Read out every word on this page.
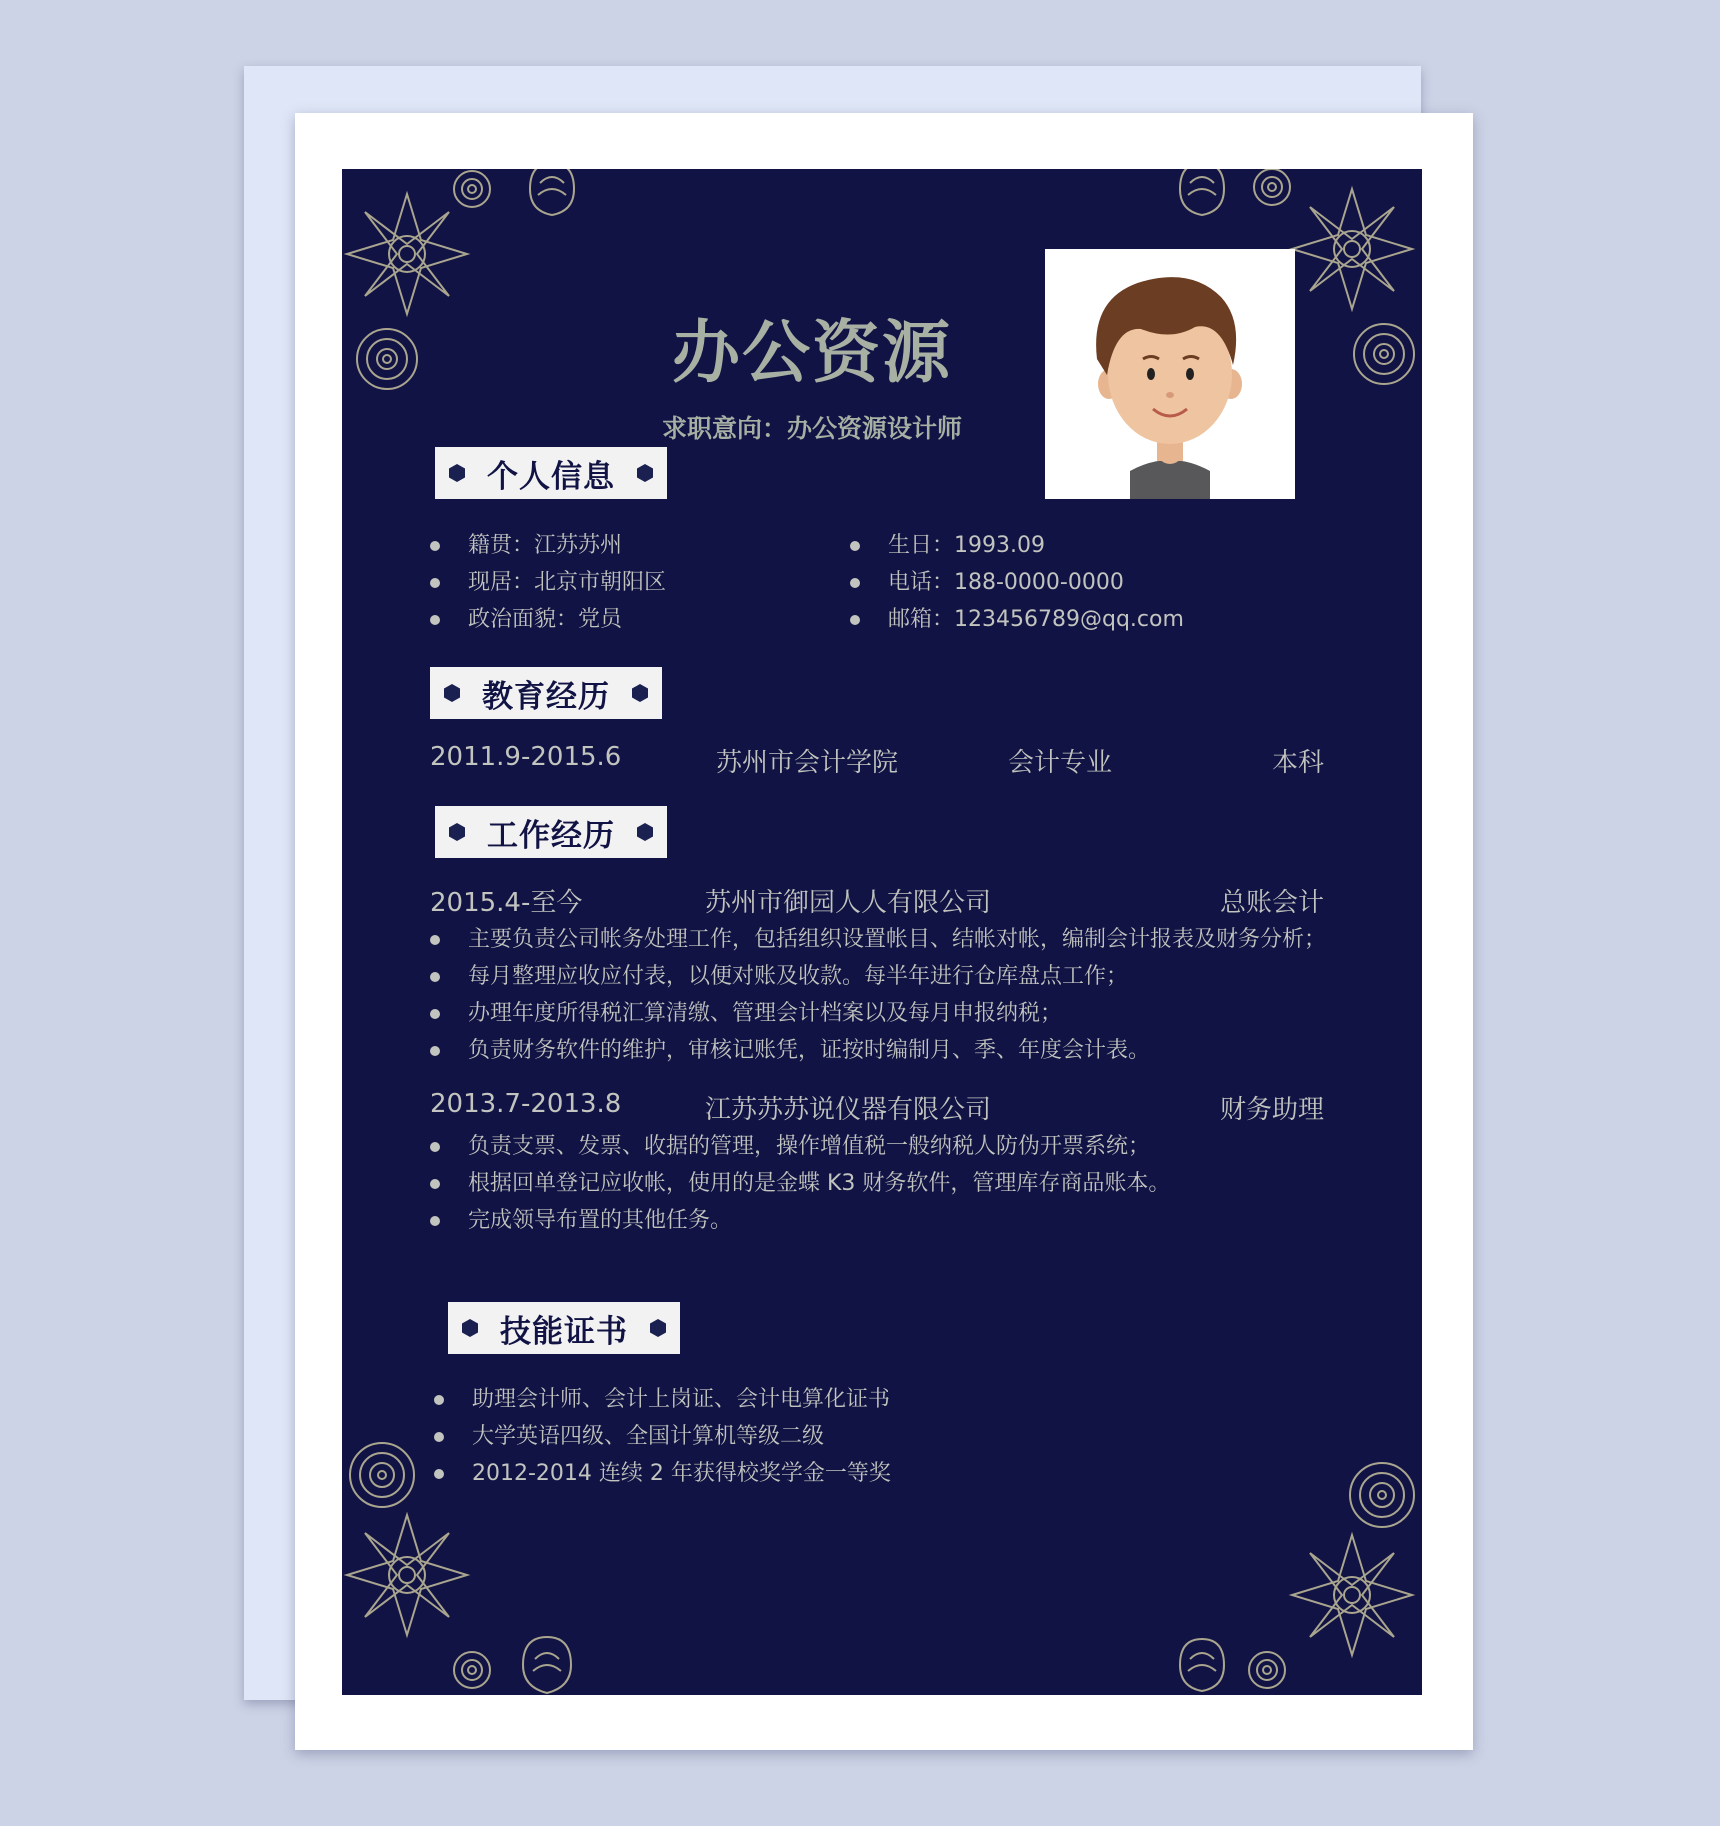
办公资源

求职意向：办公资源设计师

个人信息
籍贯：江苏苏州
现居：北京市朝阳区
政治面貌：党员
生日：1993.09
电话：188-0000-0000
邮箱：123456789@qq.com
教育经历
2011.9-2015.6	苏州市会计学院	会计专业	本科
工作经历
2015.4-至今	苏州市御园人人有限公司	总账会计
主要负责公司帐务处理工作，包括组织设置帐目、结帐对帐，编制会计报表及财务分析；
每月整理应收应付表，以便对账及收款。每半年进行仓库盘点工作；
办理年度所得税汇算清缴、管理会计档案以及每月申报纳税；
负责财务软件的维护，审核记账凭，证按时编制月、季、年度会计表。
2013.7-2013.8	江苏苏苏说仪器有限公司	财务助理
负责支票、发票、收据的管理，操作增值税一般纳税人防伪开票系统；
根据回单登记应收帐，使用的是金蝶 K3 财务软件，管理库存商品账本。
完成领导布置的其他任务。
技能证书
助理会计师、会计上岗证、会计电算化证书
大学英语四级、全国计算机等级二级
2012-2014 连续 2 年获得校奖学金一等奖
